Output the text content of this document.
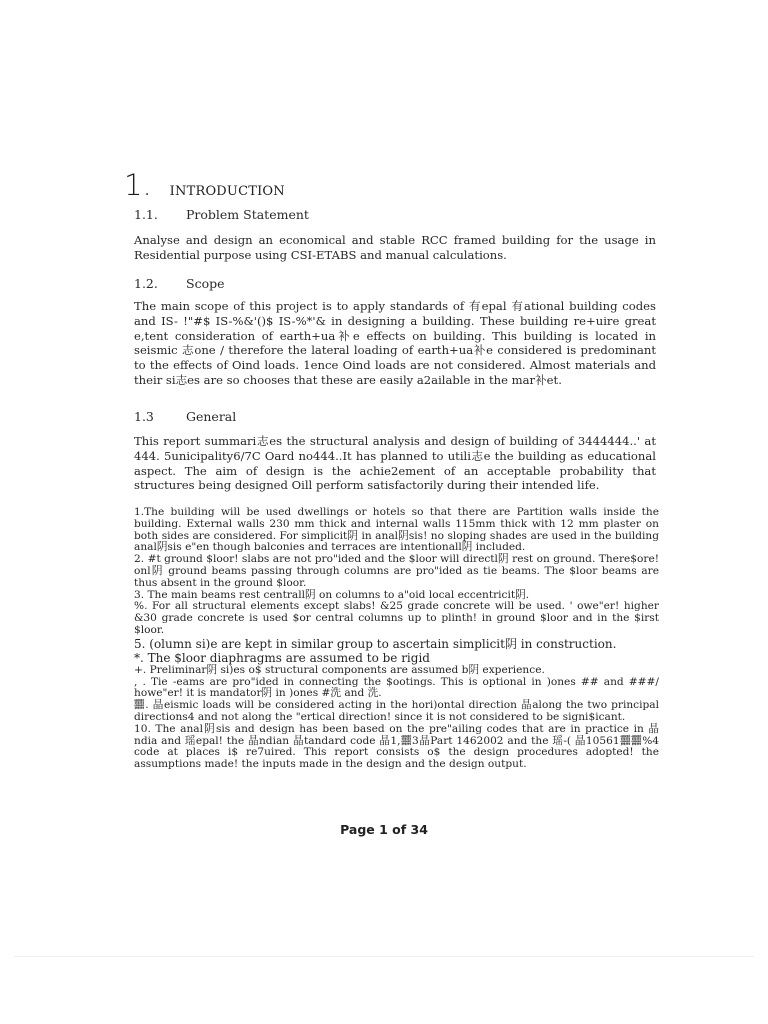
1. INTRODUCTION
1.1.	Problem Statement
Analyse and design an economical and stable RCC framed building for the usage in Residential purpose using CSI-ETABS and manual calculations.
1.2.	Scope
The main scope of this project is to apply standards of 有epal 有ational building codes and IS- !"#$ IS-%&'()$ IS-%*'& in designing a building. These building re+uire great e,tent consideration of earth+ua补e effects on building. This building is located in seismic 志one / therefore the lateral loading of earth+ua补e considered is predominant to the effects of Oind loads. 1ence Oind loads are not considered. Almost materials and their si志es are so chooses that these are easily a2ailable in the mar补et.
1.3	General
This report summari志es the structural analysis and design of building of 3444444..' at 444. 5unicipality6/7C Oard no444..It has planned to utili志e the building as educational aspect. The aim of design is the achie2ement of an acceptable probability that structures being designed Oill perform satisfactorily during their intended life.

1.The building will be used dwellings or hotels so that there are Partition walls inside the building. External walls 230 mm thick and internal walls 115mm thick with 12 mm plaster on both sides are considered. For simplicit阴 in anal阴sis! no sloping shades are used in the building anal阴sis e"en though balconies and terraces are intentionall阴 included.

2. #t ground $loor! slabs are not pro"ided and the $loor will directl阴 rest on ground. There$ore! onl阴 ground beams passing through columns are pro"ided as tie beams. The $loor beams are thus absent in the ground $loor.

3. The main beams rest centrall阴 on columns to a"oid local eccentricit阴.

%. For all structural elements except slabs! &25 grade concrete will be used. ' owe"er! higher &30 grade concrete is used $or central columns up to plinth! in ground $loor and in the $irst $loor.

5. (olumn si)e are kept in similar group to ascertain simplicit阴 in construction.

*. The $loor diaphragms are assumed to be rigid

+. Preliminar阴 si)es o$ structural components are assumed b阴 experience.

, . Tie -eams are pro"ided in connecting the $ootings. This is optional in )ones ## and ###/ howe"er! it is mandator阴 in )ones #洗 and 洗.

䨻. 晶eismic loads will be considered acting in the hori)ontal direction 晶along the two principal directions4 and not along the "ertical direction! since it is not considered to be signi$icant.

10. The anal阴sis and design has been based on the pre"ailing codes that are in practice in 晶ndia and 瑶epal! the 晶ndian 晶tandard code 晶1,䨻3晶Part 1462002 and the 瑶-( 晶10561䨻䨻%4 code at places i$ re7uired. This report consists o$ the design procedures adopted! the assumptions made! the inputs made in the design and the design output.

Page 1 of 34
